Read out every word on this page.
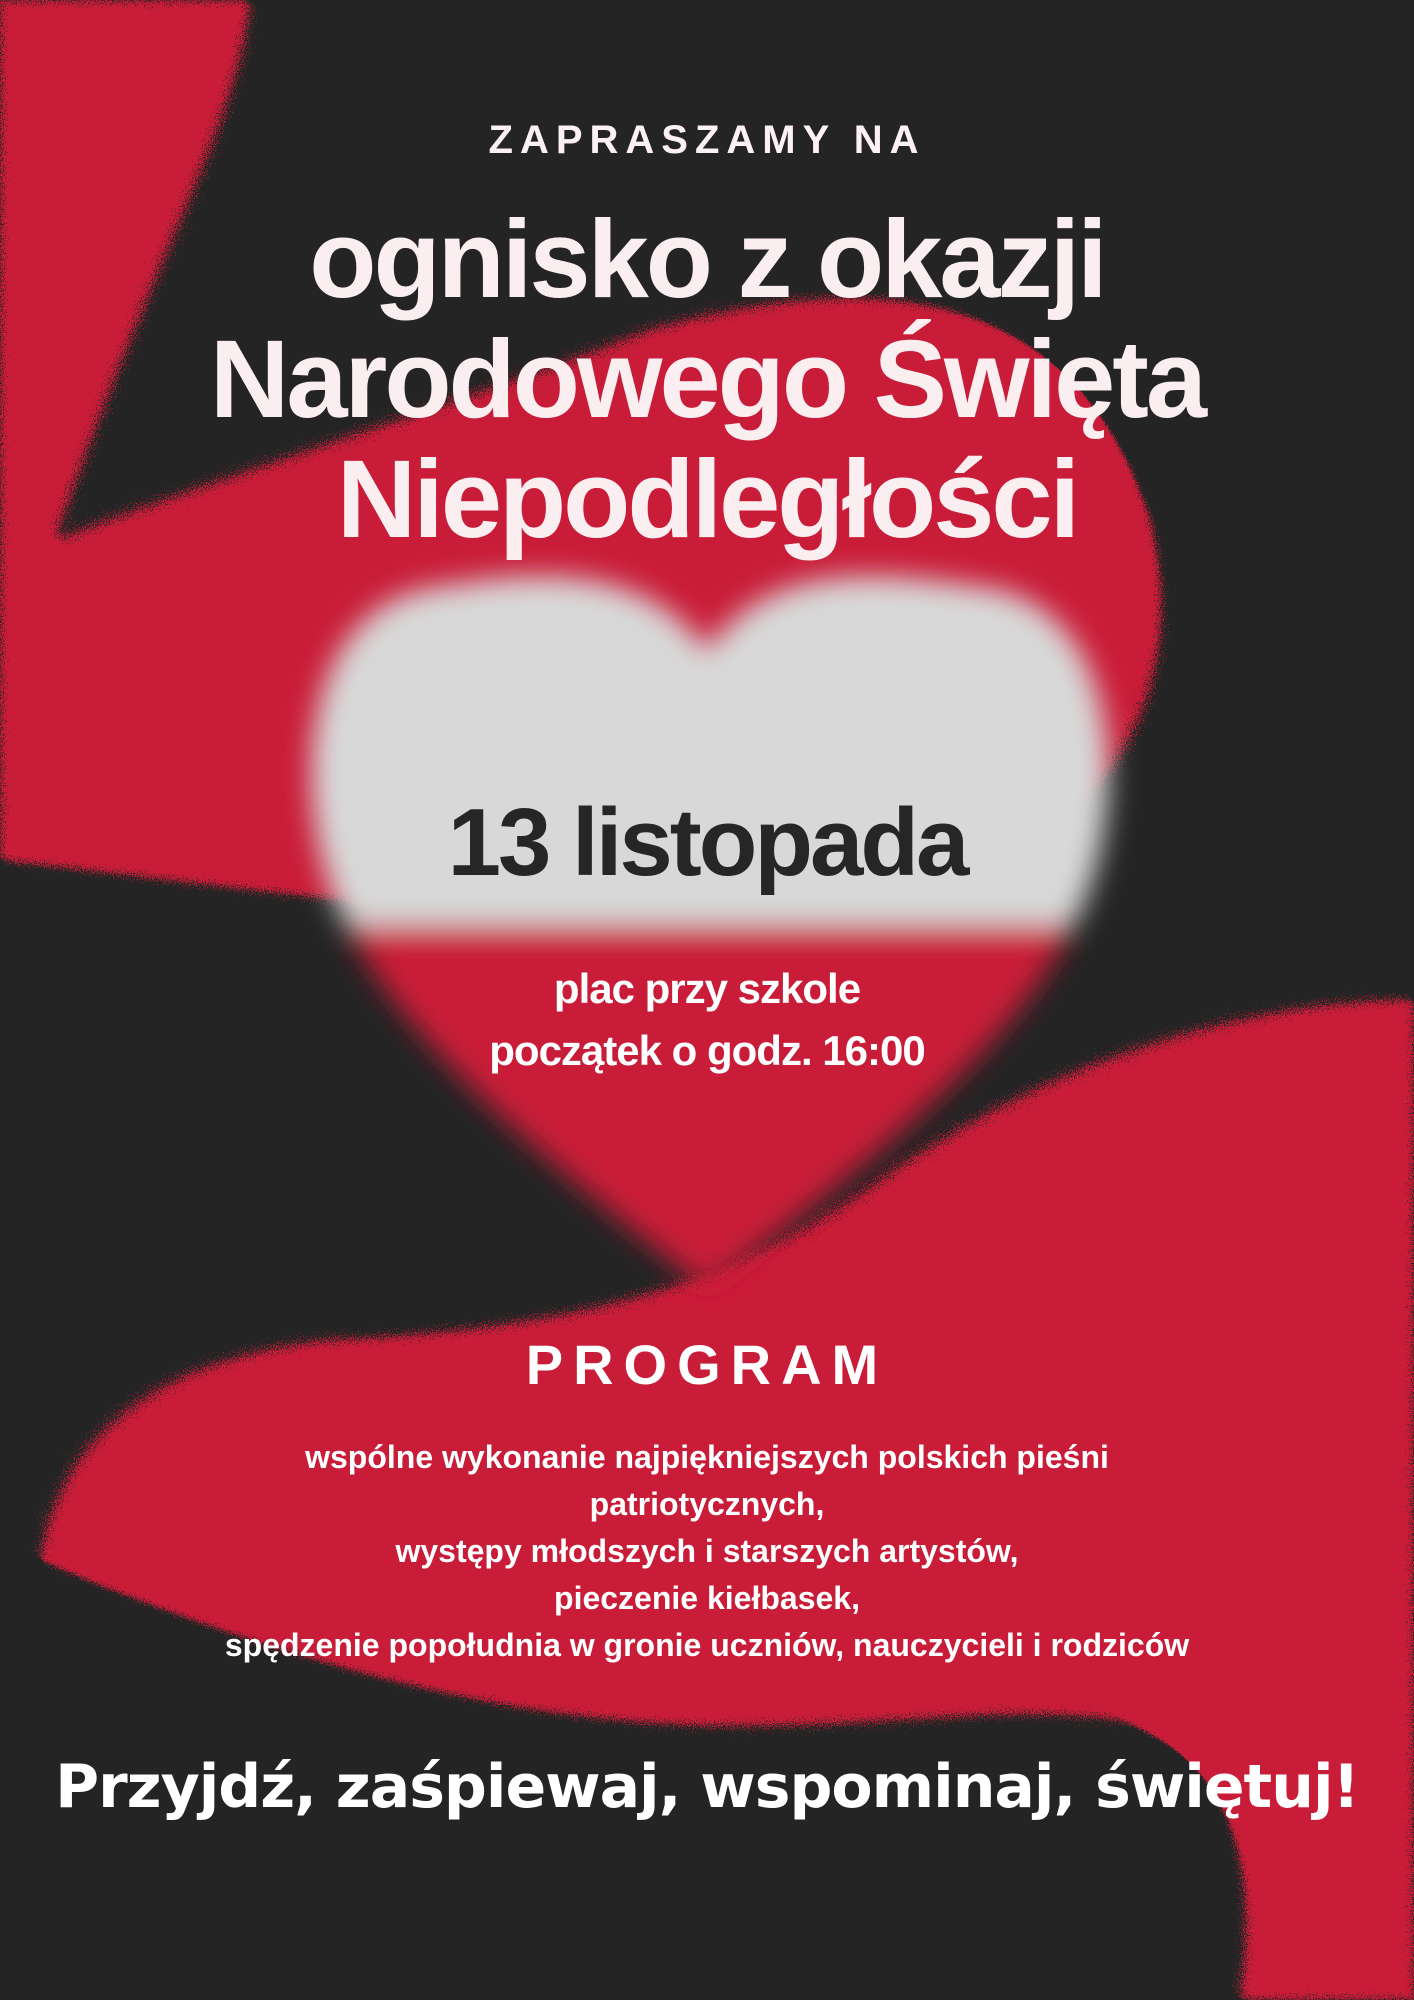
ZAPRASZAMY NA

ognisko z okazji
Narodowego Święta
Niepodległości

13 listopada

plac przy szkole
początek o godz. 16:00

PROGRAM

wspólne wykonanie najpiękniejszych polskich pieśni
patriotycznych,
występy młodszych i starszych artystów,
pieczenie kiełbasek,
spędzenie popołudnia w gronie uczniów, nauczycieli i rodziców

Przyjdź, zaśpiewaj, wspominaj, świętuj!
